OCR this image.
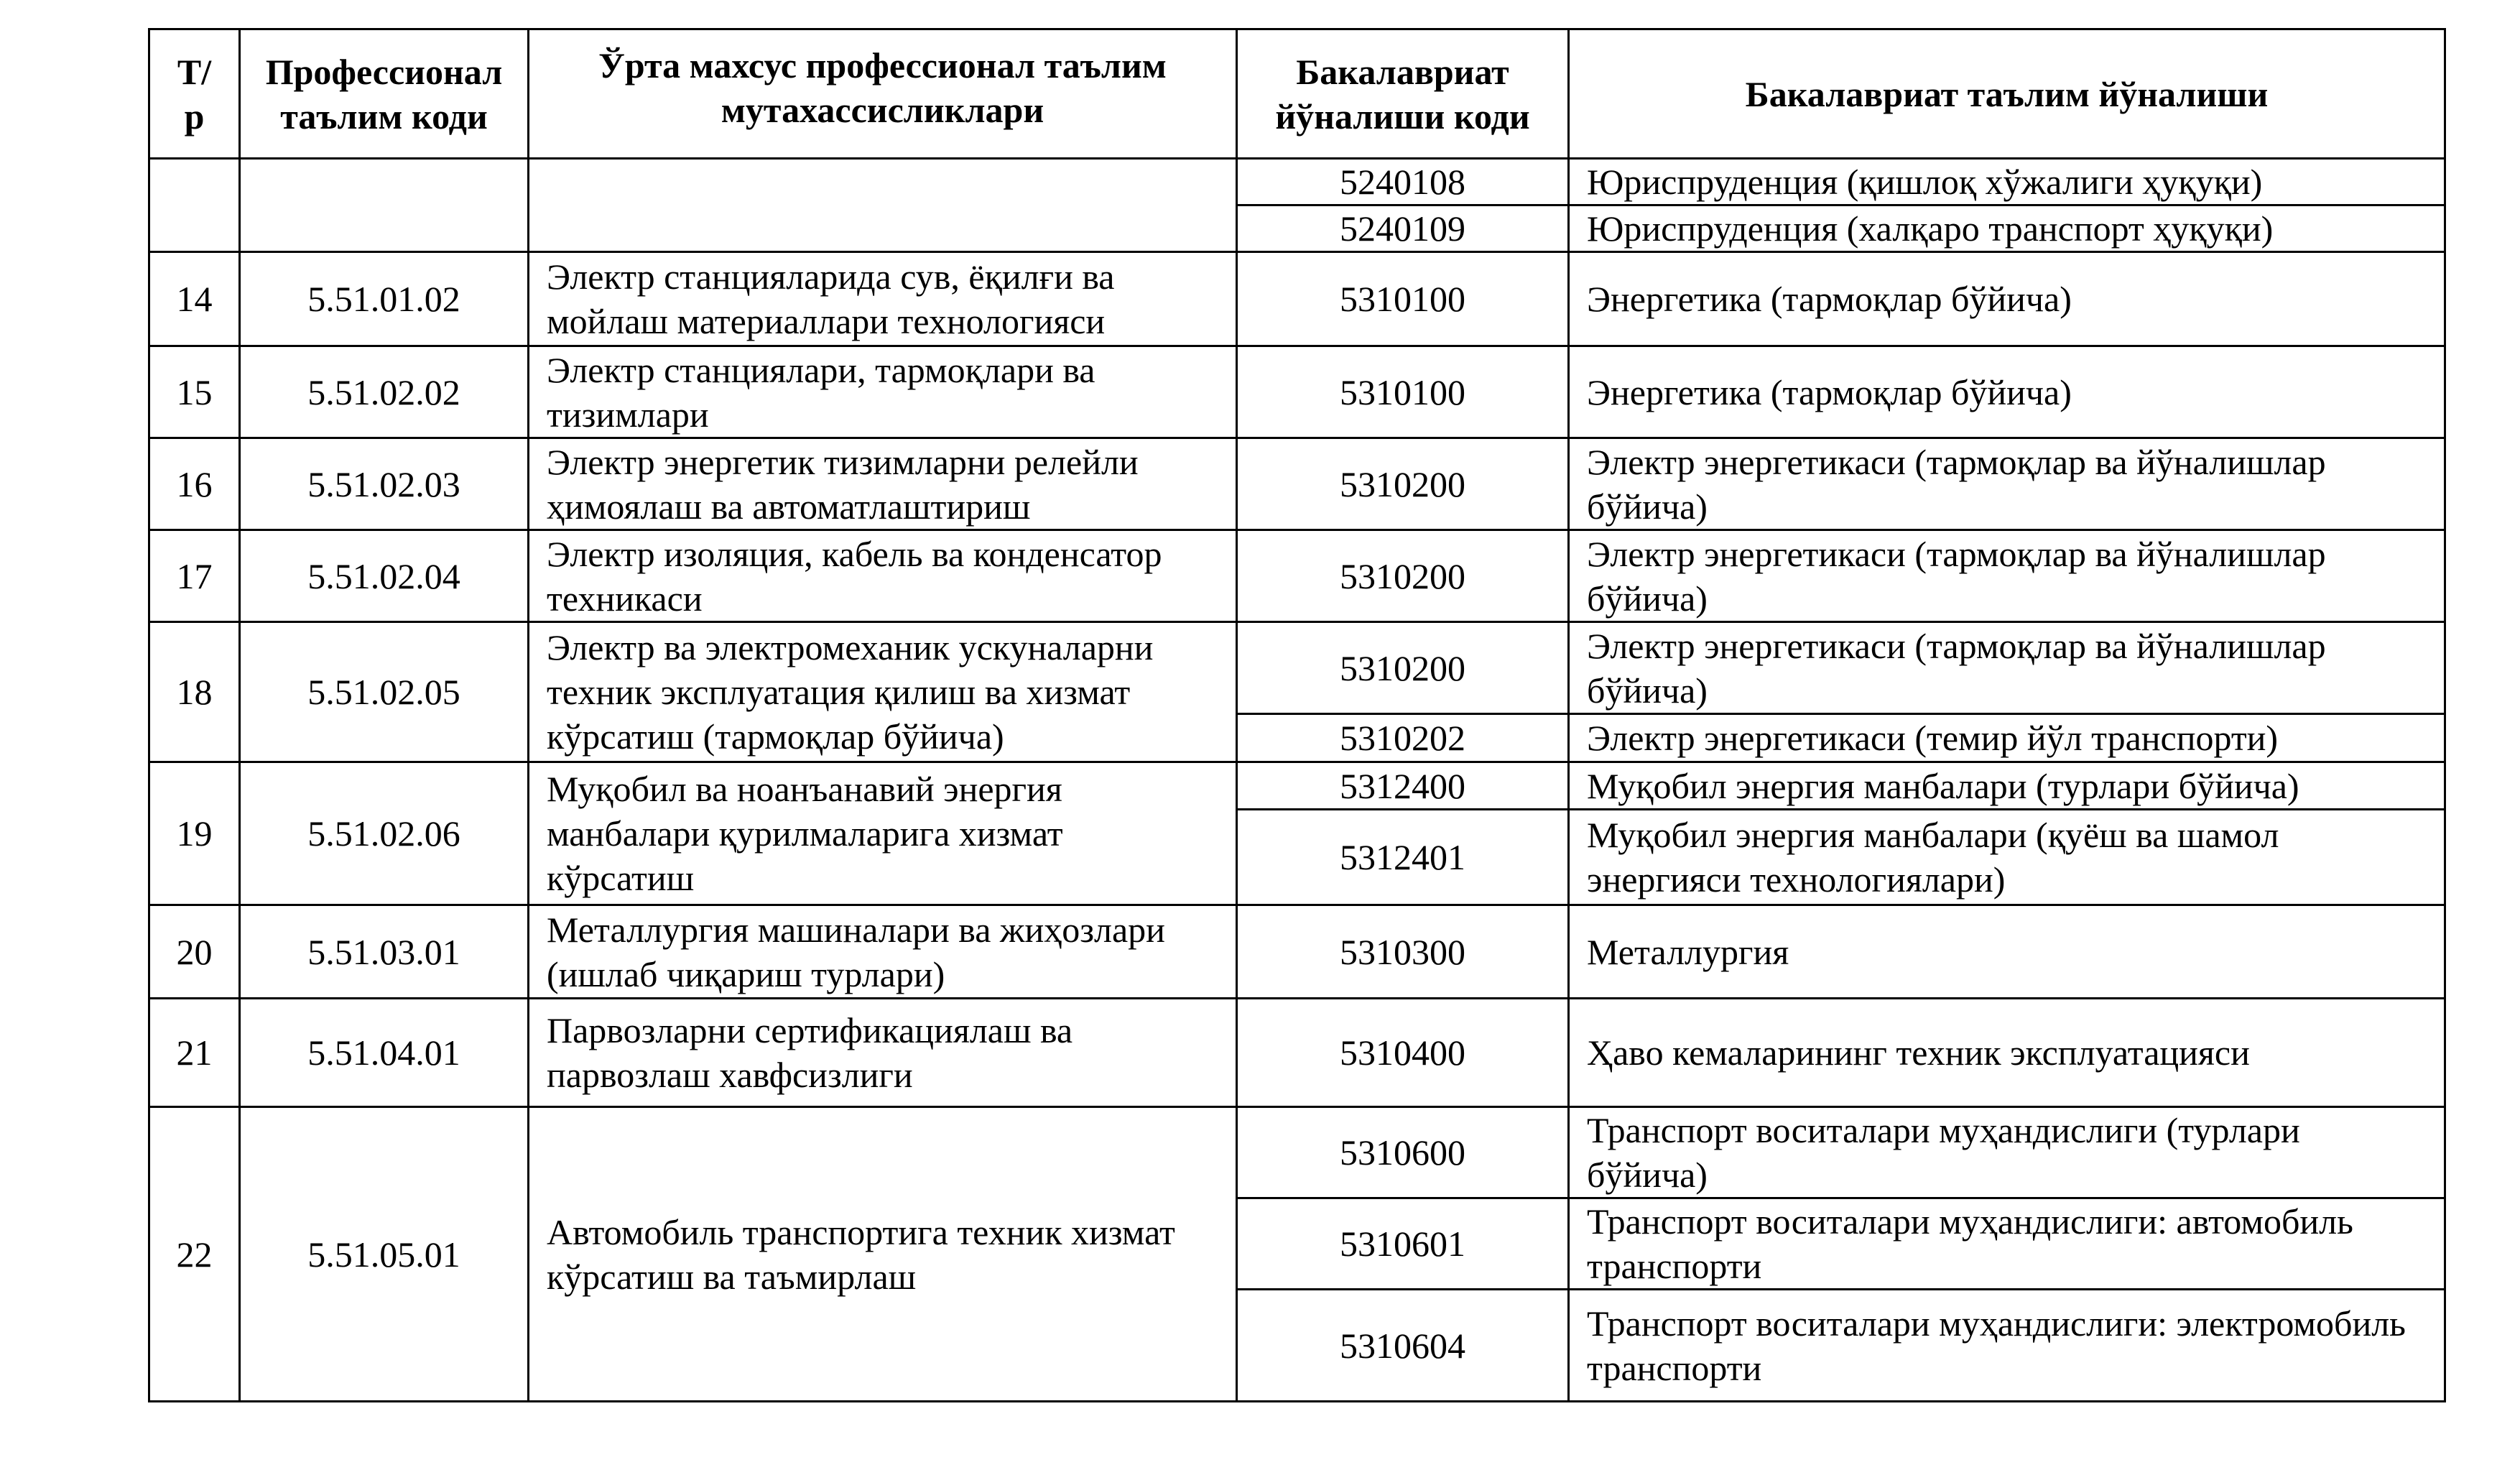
Т/р	Профессионал таълим коди	Ўрта махсус профессионал таълим мутахассисликлари	Бакалавриат йўналиши коди	Бакалавриат таълим йўналиши
			5240108	Юриспруденция (қишлоқ хўжалиги ҳуқуқи)
			5240109	Юриспруденция (халқаро транспорт ҳуқуқи)
14	5.51.01.02	Электр станцияларида сув, ёқилғи ва мойлаш материаллари технологияси	5310100	Энергетика (тармоқлар бўйича)
15	5.51.02.02	Электр станциялари, тармоқлари ва тизимлари	5310100	Энергетика (тармоқлар бўйича)
16	5.51.02.03	Электр энергетик тизимларни релейли ҳимоялаш ва автоматлаштириш	5310200	Электр энергетикаси (тармоқлар ва йўналишлар бўйича)
17	5.51.02.04	Электр изоляция, кабель ва конденсатор техникаси	5310200	Электр энергетикаси (тармоқлар ва йўналишлар бўйича)
18	5.51.02.05	Электр ва электромеханик ускуналарни техник эксплуатация қилиш ва хизмат кўрсатиш (тармоқлар бўйича)	5310200	Электр энергетикаси (тармоқлар ва йўналишлар бўйича)
			5310202	Электр энергетикаси (темир йўл транспорти)
19	5.51.02.06	Муқобил ва ноанъанавий энергия манбалари қурилмаларига хизмат кўрсатиш	5312400	Муқобил энергия манбалари (турлари бўйича)
			5312401	Муқобил энергия манбалари (қуёш ва шамол энергияси технологиялари)
20	5.51.03.01	Металлургия машиналари ва жиҳозлари (ишлаб чиқариш турлари)	5310300	Металлургия
21	5.51.04.01	Парвозларни сертификациялаш ва парвозлаш хавфсизлиги	5310400	Ҳаво кемаларининг техник эксплуатацияси
22	5.51.05.01	Автомобиль транспортига техник хизмат кўрсатиш ва таъмирлаш	5310600	Транспорт воситалари муҳандислиги (турлари бўйича)
			5310601	Транспорт воситалари муҳандислиги: автомобиль транспорти
			5310604	Транспорт воситалари муҳандислиги: электромобиль транспорти
